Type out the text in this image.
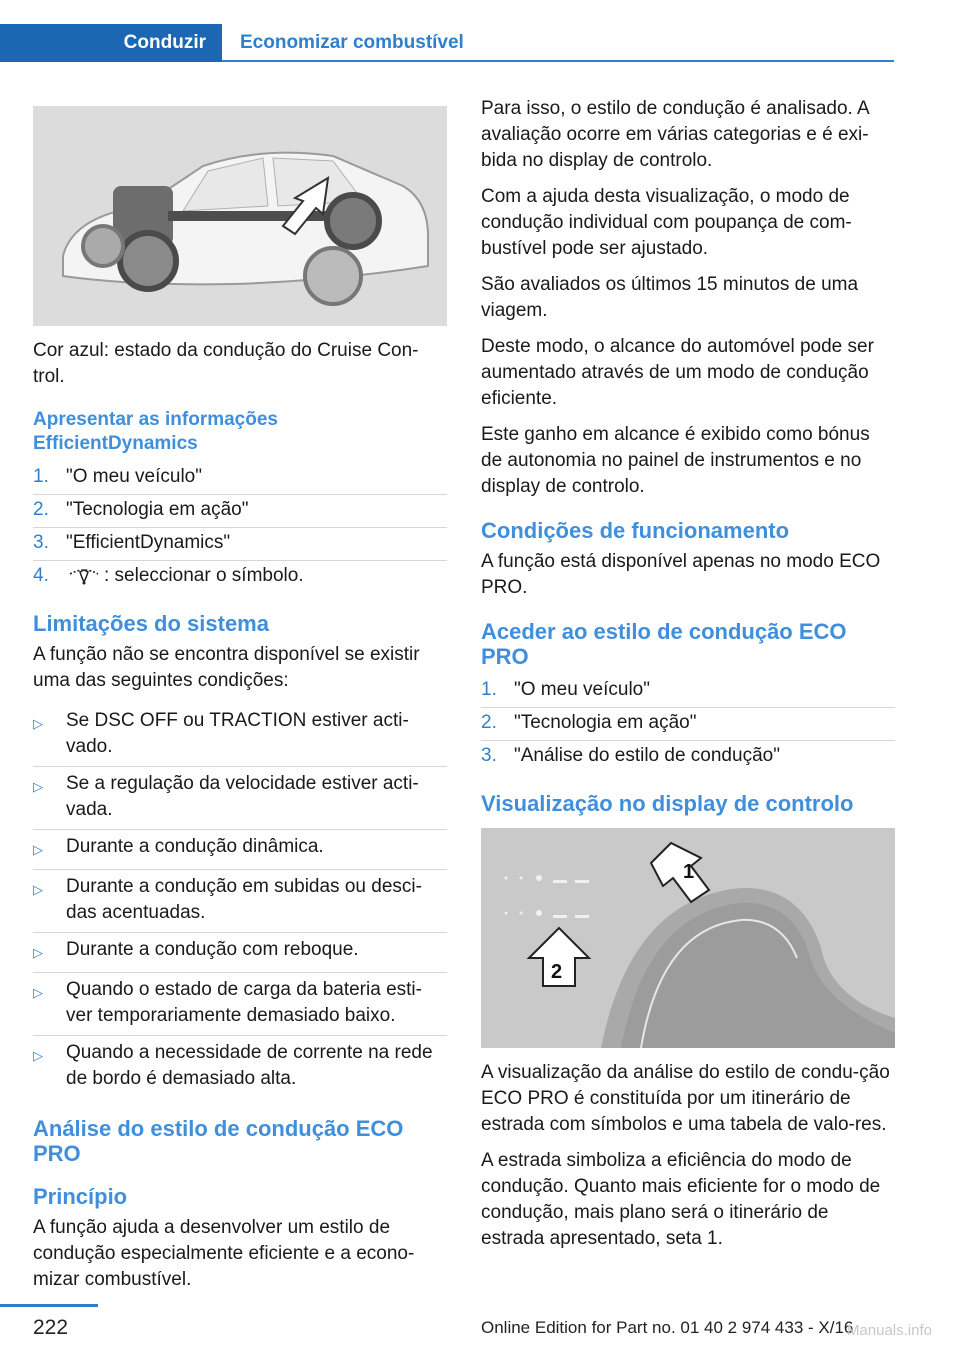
Conduzir	Economizar combustível

Cor azul: estado da condução do Cruise Con-trol.

Apresentar as informações EfficientDynamics
1. "O meu veículo"
2. "Tecnologia em ação"
3. "EfficientDynamics"
4.	: seleccionar o símbolo.
Limitações do sistema

A função não se encontra disponível se existir uma das seguintes condições:

▷	Se DSC OFF ou TRACTION estiver acti-vado.
▷	Se a regulação da velocidade estiver acti-vada.
▷	Durante a condução dinâmica.
▷	Durante a condução em subidas ou desci-das acentuadas.
▷	Durante a condução com reboque.
▷	Quando o estado de carga da bateria esti-ver temporariamente demasiado baixo.
▷	Quando a necessidade de corrente na rede de bordo é demasiado alta.
Análise do estilo de condução ECO PRO
Princípio

A função ajuda a desenvolver um estilo de condução especialmente eficiente e a econo-mizar combustível.

Para isso, o estilo de condução é analisado. A avaliação ocorre em várias categorias e é exi-bida no display de controlo.

Com a ajuda desta visualização, o modo de condução individual com poupança de com-bustível pode ser ajustado.

São avaliados os últimos 15 minutos de uma viagem.

Deste modo, o alcance do automóvel pode ser aumentado através de um modo de condução eficiente.

Este ganho em alcance é exibido como bónus de autonomia no painel de instrumentos e no display de controlo.

Condições de funcionamento

A função está disponível apenas no modo ECO PRO.

Aceder ao estilo de condução ECO PRO
1. "O meu veículo"
2. "Tecnologia em ação"
3. "Análise do estilo de condução"
Visualização no display de controlo
1
2

A visualização da análise do estilo de condu-ção ECO PRO é constituída por um itinerário de estrada com símbolos e uma tabela de valo-res.

A estrada simboliza a eficiência do modo de condução. Quanto mais eficiente for o modo de condução, mais plano será o itinerário de estrada apresentado, seta 1.

222	Online Edition for Part no. 01 40 2 974 433 - X/16
Manuals.info
